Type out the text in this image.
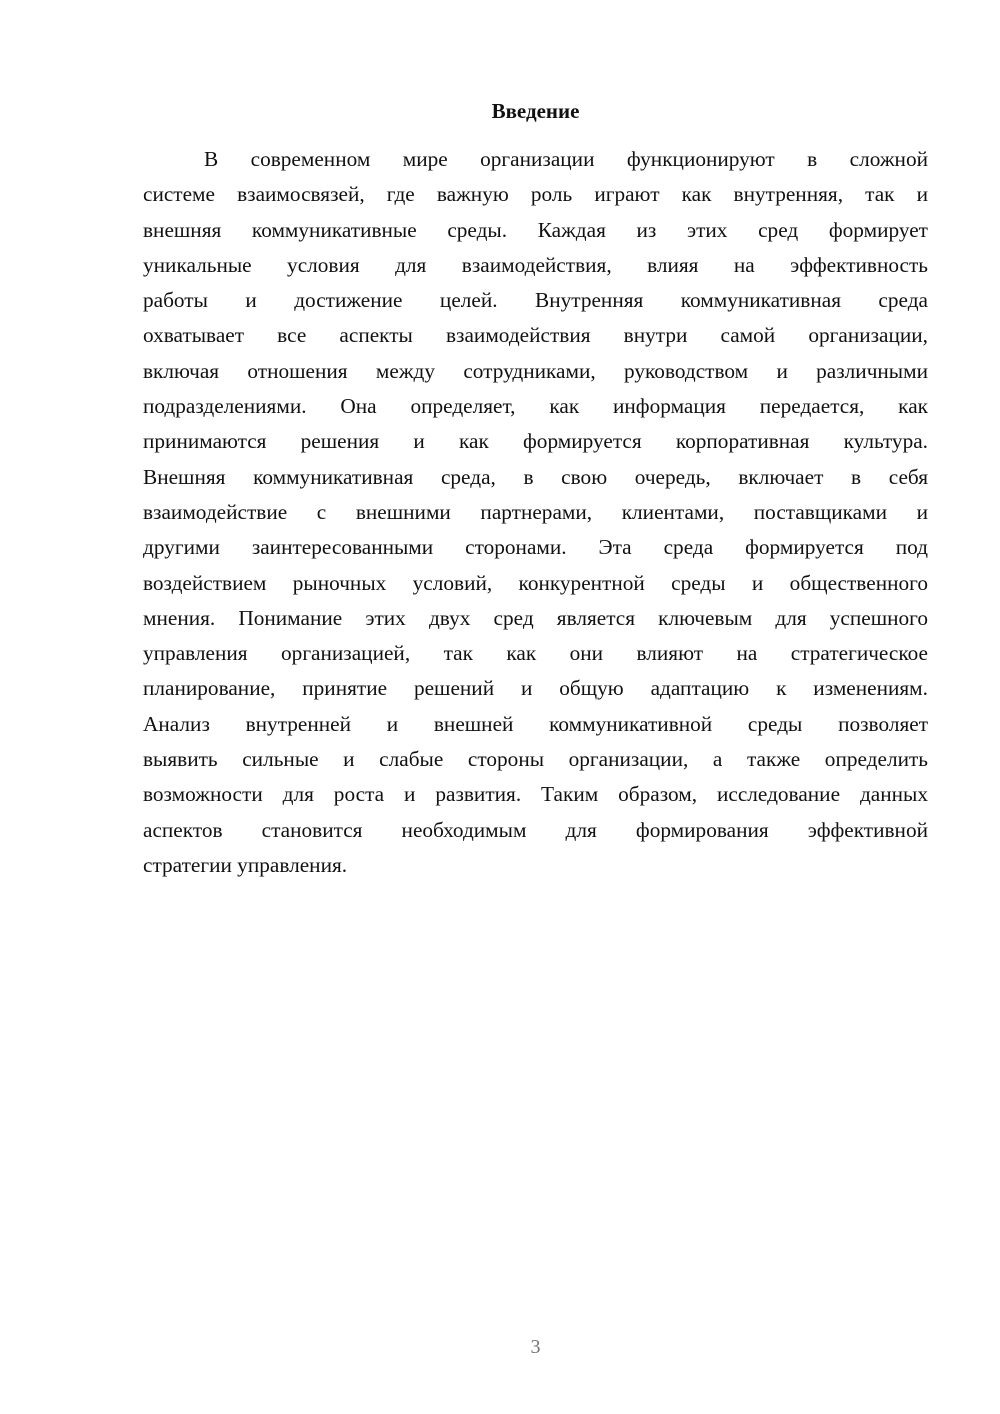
Введение
В современном мире организации функционируют в сложной
системе взаимосвязей, где важную роль играют как внутренняя, так и
внешняя коммуникативные среды. Каждая из этих сред формирует
уникальные условия для взаимодействия, влияя на эффективность
работы и достижение целей. Внутренняя коммуникативная среда
охватывает все аспекты взаимодействия внутри самой организации,
включая отношения между сотрудниками, руководством и различными
подразделениями. Она определяет, как информация передается, как
принимаются решения и как формируется корпоративная культура.
Внешняя коммуникативная среда, в свою очередь, включает в себя
взаимодействие с внешними партнерами, клиентами, поставщиками и
другими заинтересованными сторонами. Эта среда формируется под
воздействием рыночных условий, конкурентной среды и общественного
мнения. Понимание этих двух сред является ключевым для успешного
управления организацией, так как они влияют на стратегическое
планирование, принятие решений и общую адаптацию к изменениям.
Анализ внутренней и внешней коммуникативной среды позволяет
выявить сильные и слабые стороны организации, а также определить
возможности для роста и развития. Таким образом, исследование данных
аспектов становится необходимым для формирования эффективной
стратегии управления.
3
